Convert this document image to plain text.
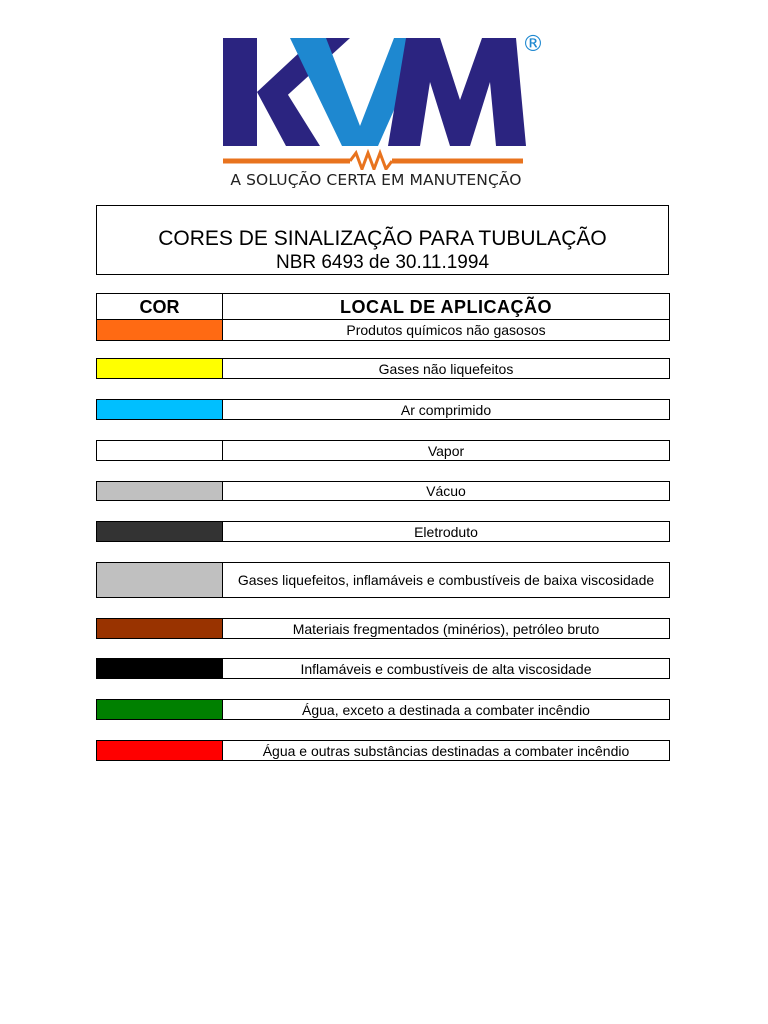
®
A SOLUÇÃO CERTA EM MANUTENÇÃO
CORES DE SINALIZAÇÃO PARA TUBULAÇÃO
NBR 6493 de 30.11.1994
COR	LOCAL DE APLICAÇÃO
Produtos químicos não gasosos
Gases não liquefeitos
Ar comprimido
Vapor
Vácuo
Eletroduto
Gases liquefeitos, inflamáveis e combustíveis de baixa viscosidade
Materiais fregmentados (minérios), petróleo bruto
Inflamáveis e combustíveis de alta viscosidade
Água, exceto a destinada a combater incêndio
Água e outras substâncias destinadas a combater incêndio
